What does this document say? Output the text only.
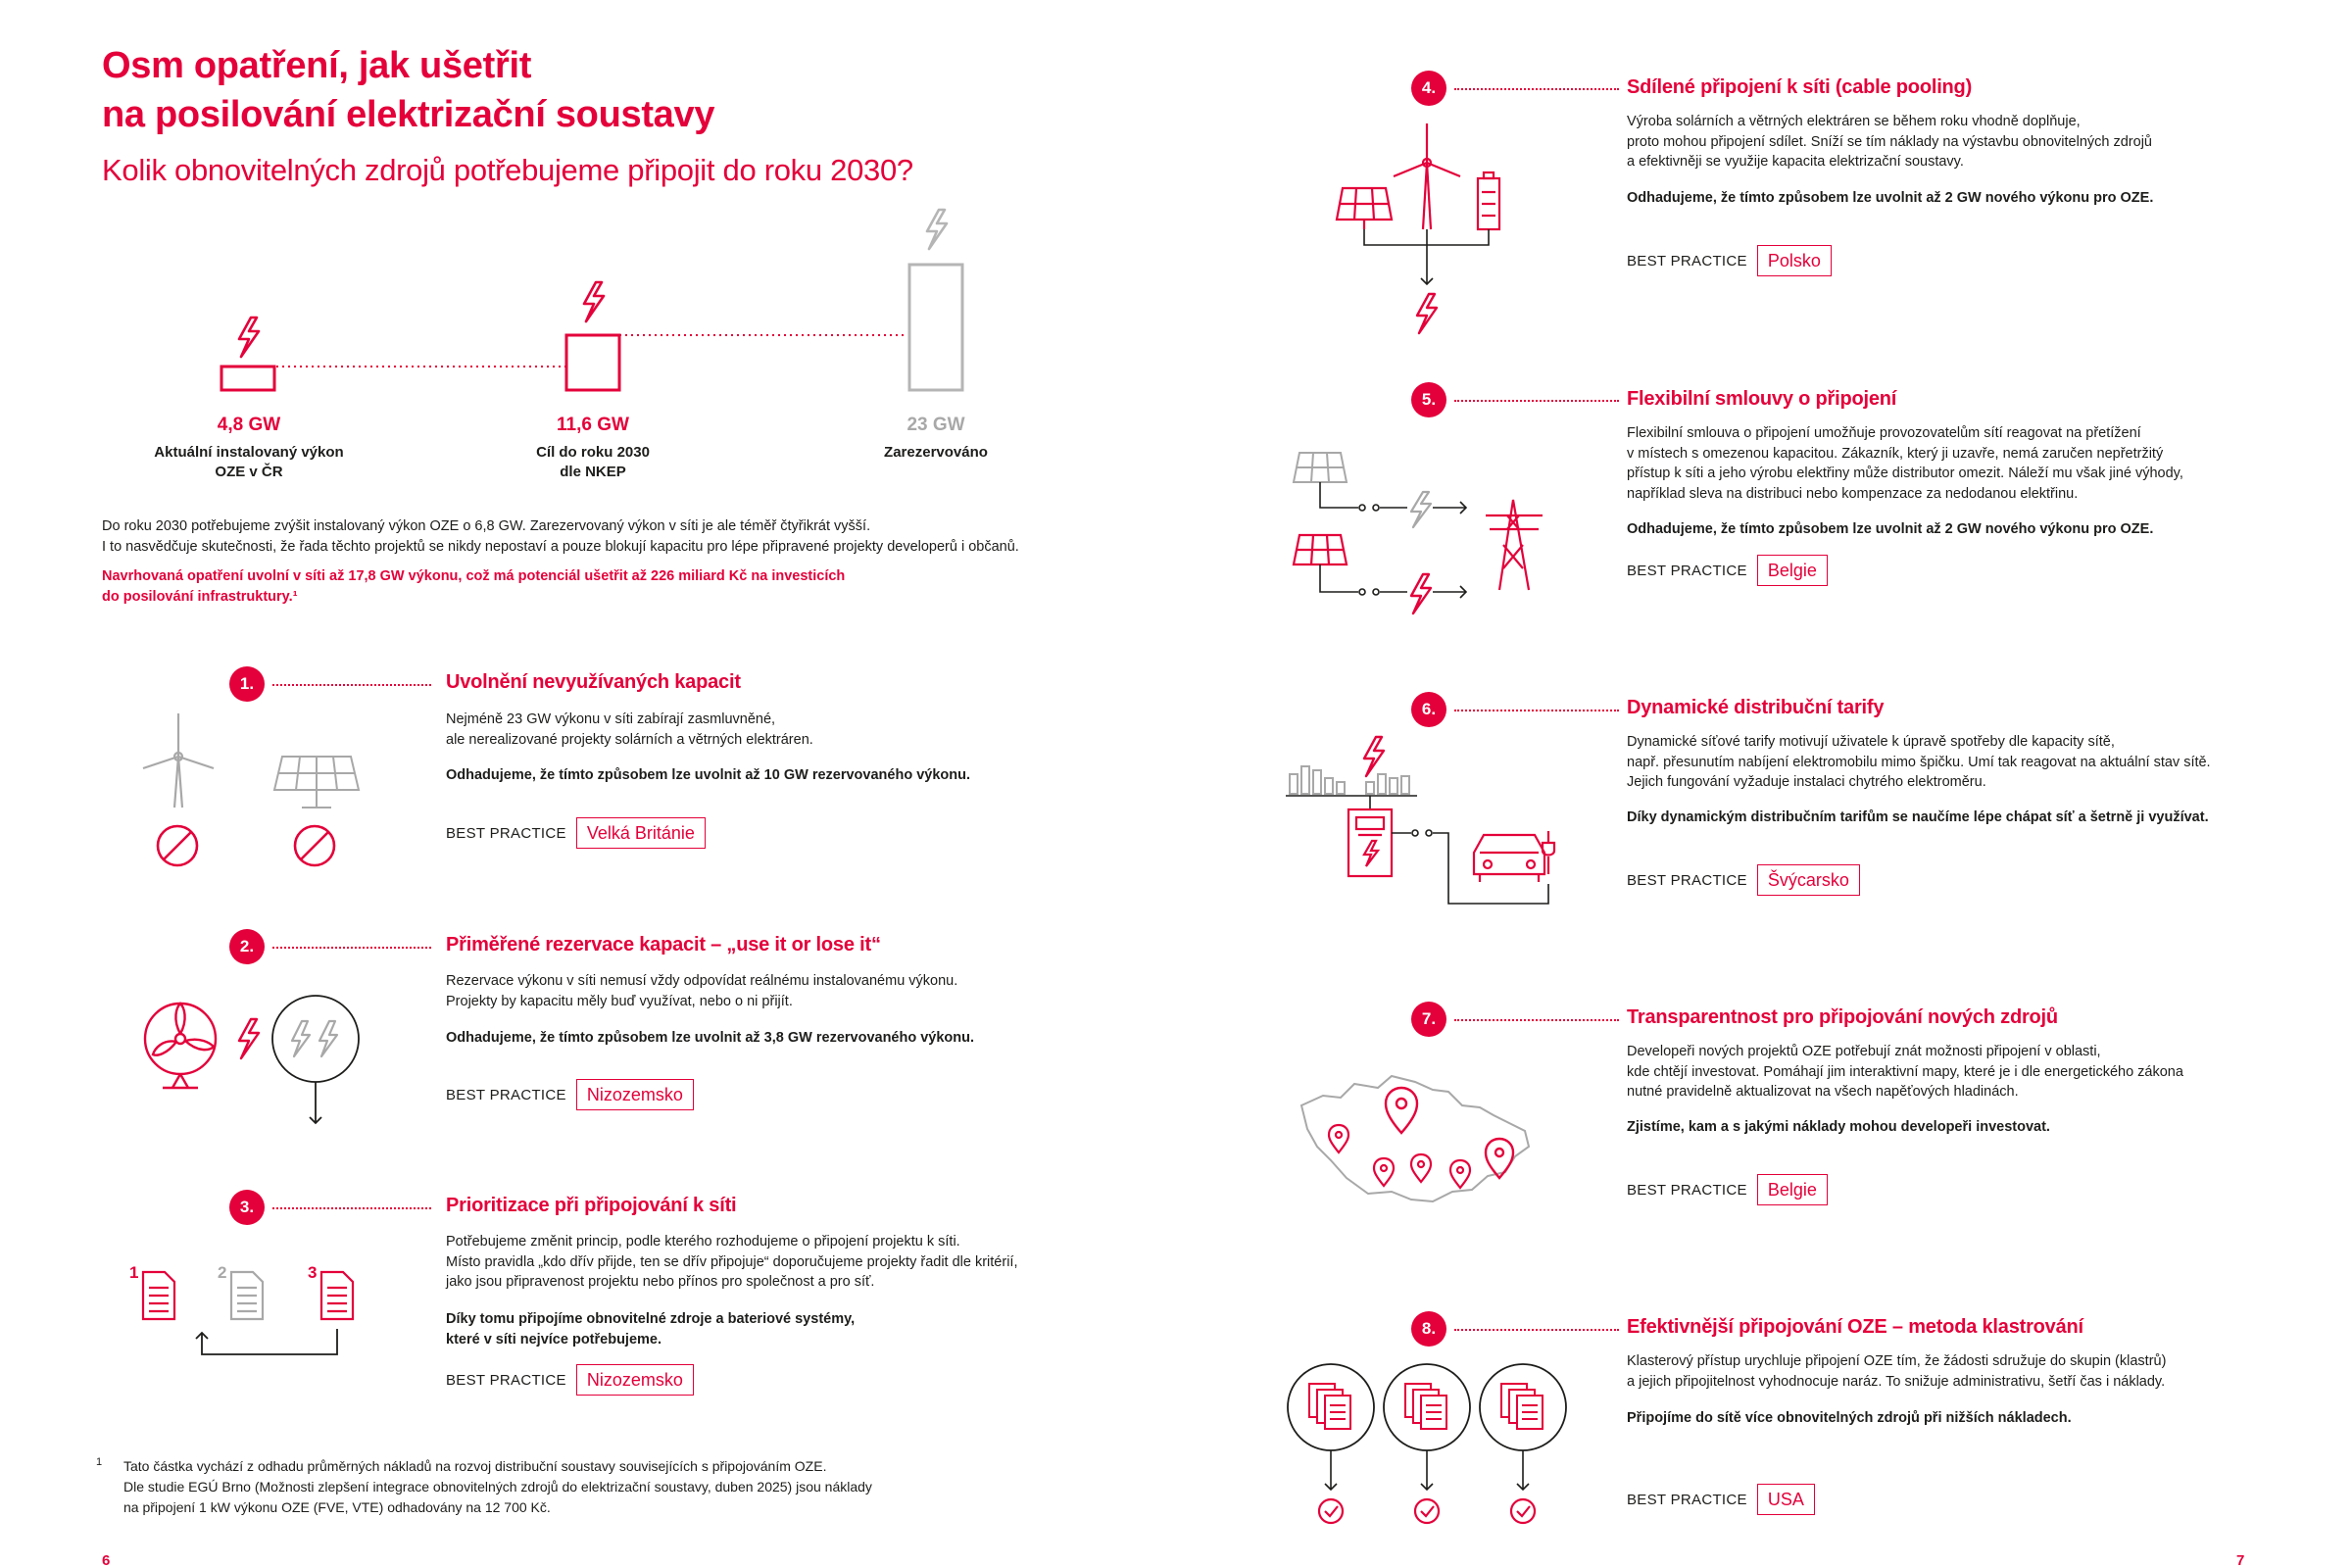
Osm opatření, jak ušetřit
na posilování elektrizační soustavy
Kolik obnovitelných zdrojů potřebujeme připojit do roku 2030?
4,8 GW
Aktuální instalovaný výkon
OZE v ČR
11,6 GW
Cíl do roku 2030
dle NKEP
23 GW
Zarezervováno
Do roku 2030 potřebujeme zvýšit instalovaný výkon OZE o 6,8 GW. Zarezervovaný výkon v síti je ale téměř čtyřikrát vyšší.
I to nasvědčuje skutečnosti, že řada těchto projektů se nikdy nepostaví a pouze blokují kapacitu pro lépe připravené projekty developerů i občanů.
Navrhovaná opatření uvolní v síti až 17,8 GW výkonu, což má potenciál ušetřit až 226 miliard Kč na investicích
do posilování infrastruktury.¹
1.	Uvolnění nevyužívaných kapacit
Nejméně 23 GW výkonu v síti zabírají zasmluvněné,
ale nerealizované projekty solárních a větrných elektráren.
Odhadujeme, že tímto způsobem lze uvolnit až 10 GW rezervovaného výkonu.
BEST PRACTICE	Velká Británie
2.	Přiměřené rezervace kapacit – „use it or lose it“
Rezervace výkonu v síti nemusí vždy odpovídat reálnému instalovanému výkonu.
Projekty by kapacitu měly buď využívat, nebo o ni přijít.
Odhadujeme, že tímto způsobem lze uvolnit až 3,8 GW rezervovaného výkonu.
BEST PRACTICE	Nizozemsko
3.	Prioritizace při připojování k síti
Potřebujeme změnit princip, podle kterého rozhodujeme o připojení projektu k síti.
Místo pravidla „kdo dřív přijde, ten se dřív připojuje“ doporučujeme projekty řadit dle kritérií,
jako jsou připravenost projektu nebo přínos pro společnost a pro síť.
Díky tomu připojíme obnovitelné zdroje a bateriové systémy,
které v síti nejvíce potřebujeme.
BEST PRACTICE	Nizozemsko
1	2	3
1 Tato částka vychází z odhadu průměrných nákladů na rozvoj distribuční soustavy souvisejících s připojováním OZE.
Dle studie EGÚ Brno (Možnosti zlepšení integrace obnovitelných zdrojů do elektrizační soustavy, duben 2025) jsou náklady
na připojení 1 kW výkonu OZE (FVE, VTE) odhadovány na 12 700 Kč.
6
4.	Sdílené připojení k síti (cable pooling)
Výroba solárních a větrných elektráren se během roku vhodně doplňuje,
proto mohou připojení sdílet. Sníží se tím náklady na výstavbu obnovitelných zdrojů
a efektivněji se využije kapacita elektrizační soustavy.
Odhadujeme, že tímto způsobem lze uvolnit až 2 GW nového výkonu pro OZE.
BEST PRACTICE	Polsko
5.	Flexibilní smlouvy o připojení
Flexibilní smlouva o připojení umožňuje provozovatelům sítí reagovat na přetížení
v místech s omezenou kapacitou. Zákazník, který ji uzavře, nemá zaručen nepřetržitý
přístup k síti a jeho výrobu elektřiny může distributor omezit. Náleží mu však jiné výhody,
například sleva na distribuci nebo kompenzace za nedodanou elektřinu.
Odhadujeme, že tímto způsobem lze uvolnit až 2 GW nového výkonu pro OZE.
BEST PRACTICE	Belgie
6.	Dynamické distribuční tarify
Dynamické síťové tarify motivují uživatele k úpravě spotřeby dle kapacity sítě,
např. přesunutím nabíjení elektromobilu mimo špičku. Umí tak reagovat na aktuální stav sítě.
Jejich fungování vyžaduje instalaci chytrého elektroměru.
Díky dynamickým distribučním tarifům se naučíme lépe chápat síť a šetrně ji využívat.
BEST PRACTICE	Švýcarsko
7.	Transparentnost pro připojování nových zdrojů
Developeři nových projektů OZE potřebují znát možnosti připojení v oblasti,
kde chtějí investovat. Pomáhají jim interaktivní mapy, které je i dle energetického zákona
nutné pravidelně aktualizovat na všech napěťových hladinách.
Zjistíme, kam a s jakými náklady mohou developeři investovat.
BEST PRACTICE	Belgie
8.	Efektivnější připojování OZE – metoda klastrování
Klasterový přístup urychluje připojení OZE tím, že žádosti sdružuje do skupin (klastrů)
a jejich připojitelnost vyhodnocuje naráz. To snižuje administrativu, šetří čas i náklady.
Připojíme do sítě více obnovitelných zdrojů při nižších nákladech.
BEST PRACTICE	USA
7
